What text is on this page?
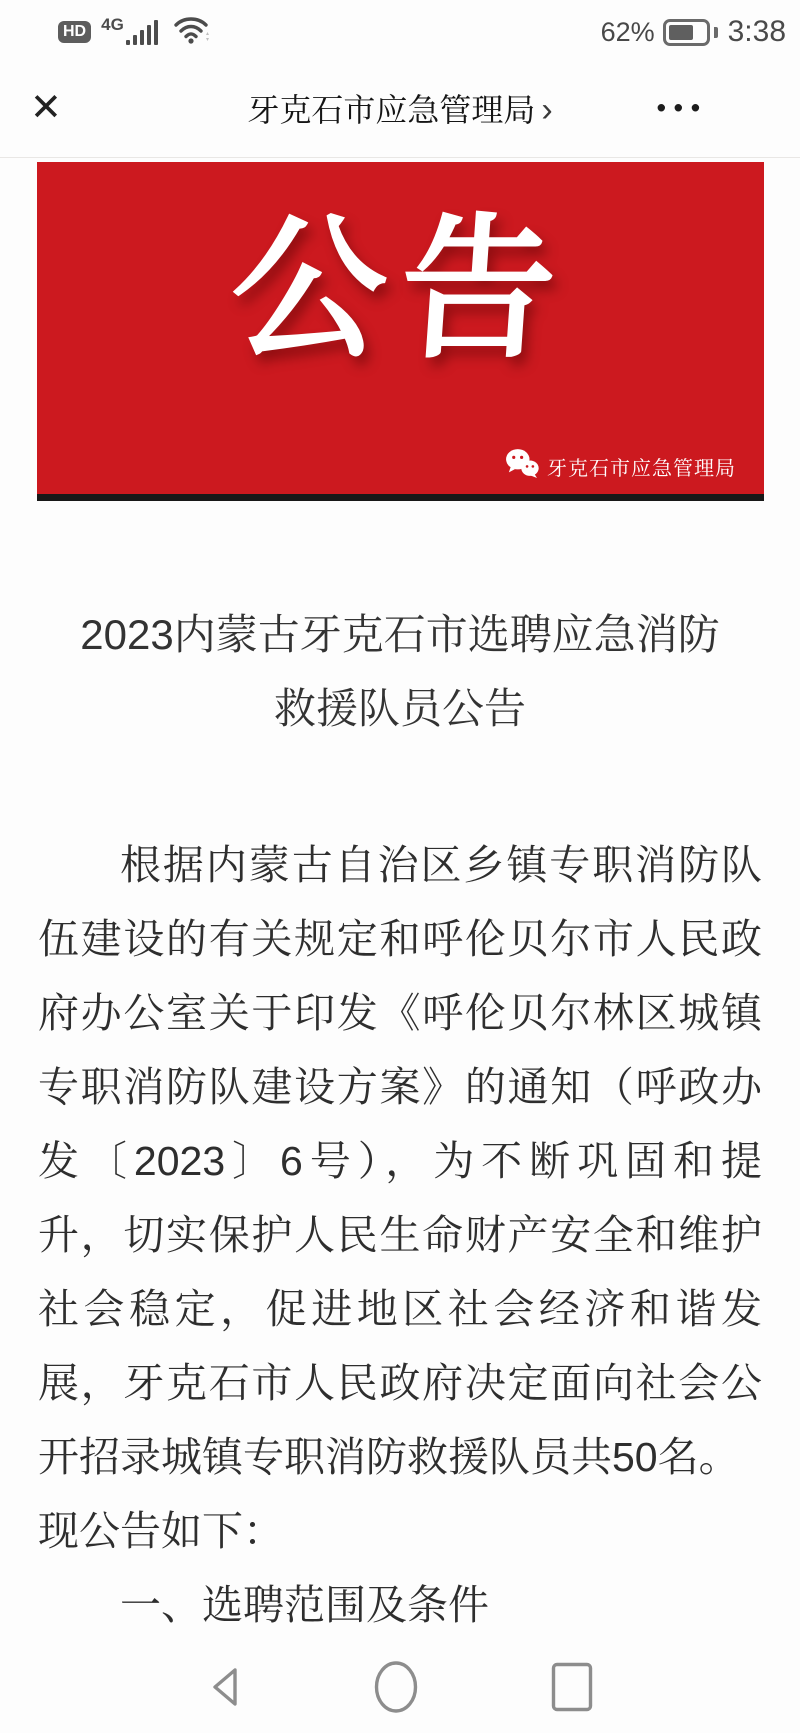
HD 4G	62% 3:38
✕	牙克石市应急管理局 ›	•••
公告
牙克石市应急管理局
2023内蒙古牙克石市选聘应急消防
救援队员公告
根据内蒙古自治区乡镇专职消防队
伍建设的有关规定和呼伦贝尔市人民政
府办公室关于印发《呼伦贝尔林区城镇
专职消防队建设方案》的通知（呼政办
发〔2023〕6号），为不断巩固和提
升，切实保护人民生命财产安全和维护
社会稳定，促进地区社会经济和谐发
展，牙克石市人民政府决定面向社会公
开招录城镇专职消防救援队员共50名。
现公告如下：
一、选聘范围及条件
